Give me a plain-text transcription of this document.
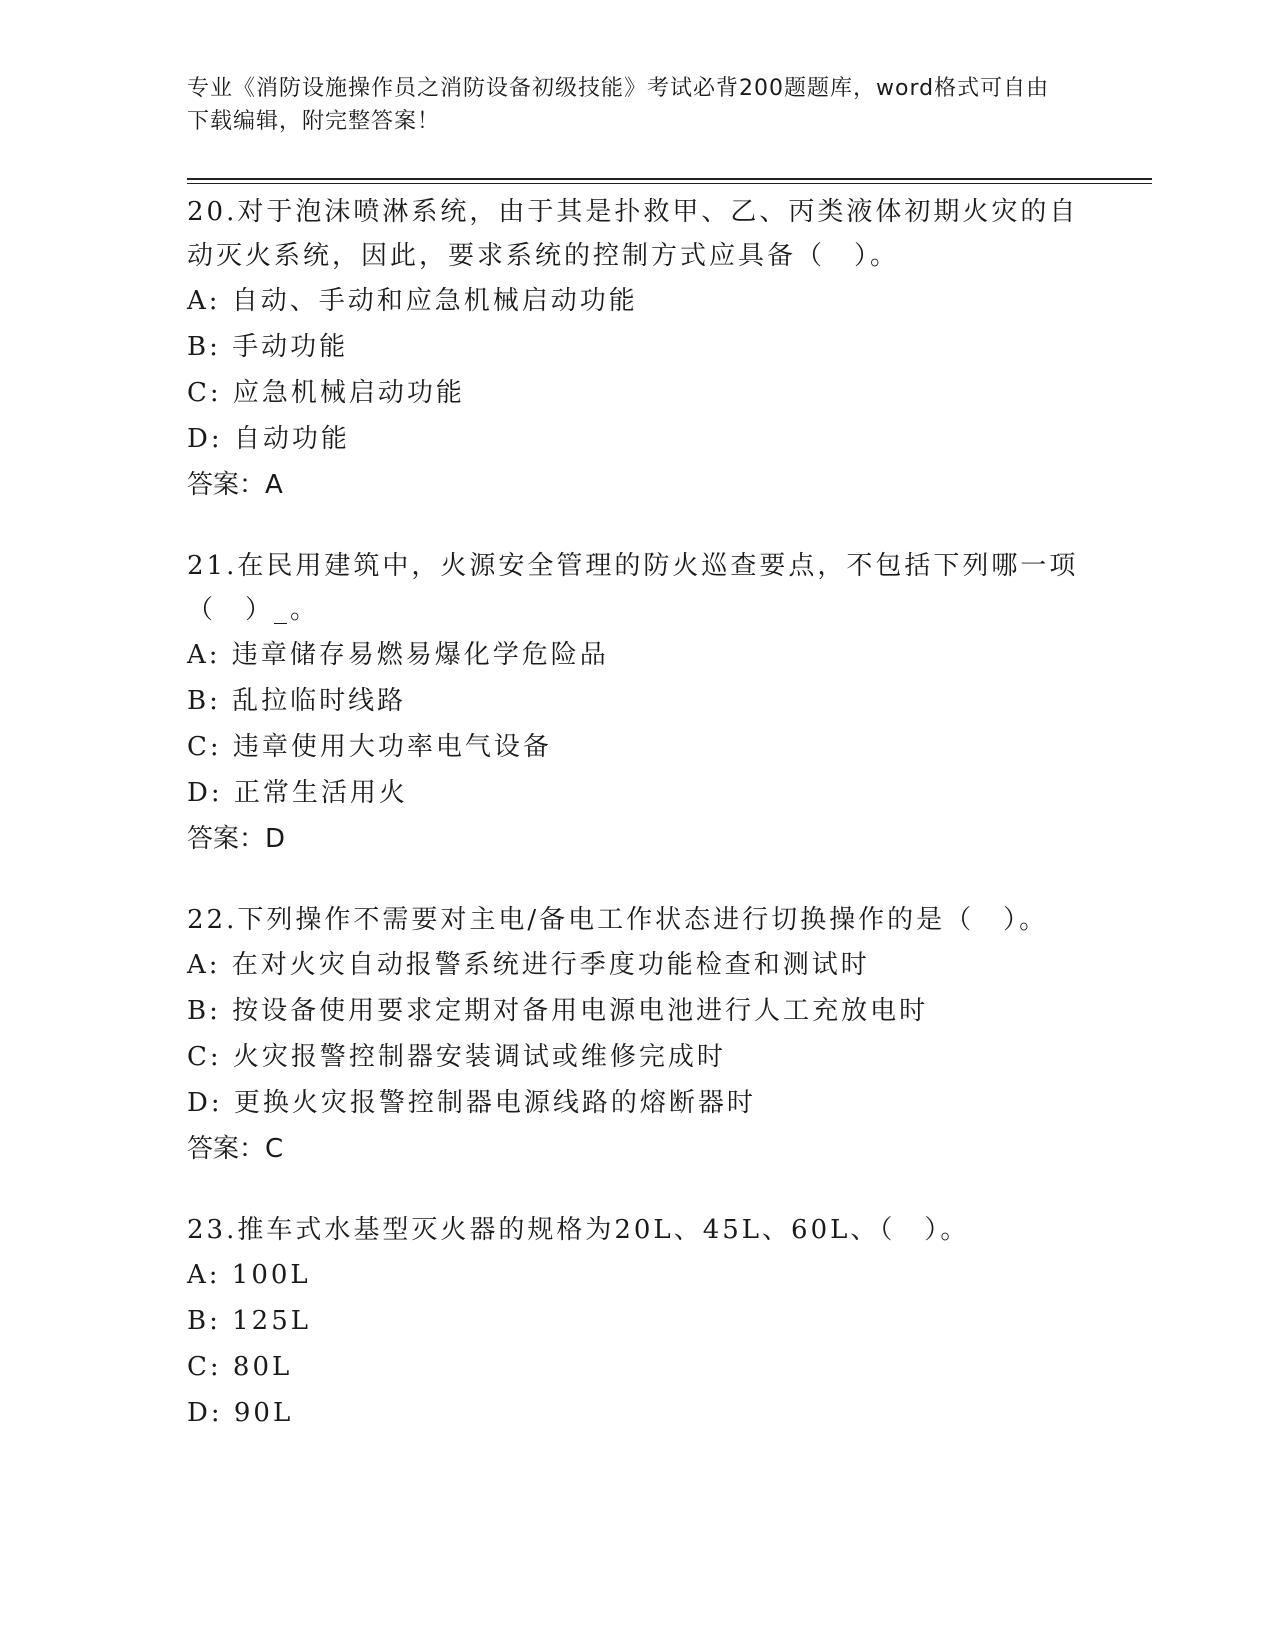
专业《消防设施操作员之消防设备初级技能》考试必背200题题库，word格式可自由下载编辑，附完整答案！

20.对于泡沫喷淋系统，由于其是扑救甲、乙、丙类液体初期火灾的自动灭火系统，因此，要求系统的控制方式应具备（　）。

A: 自动、手动和应急机械启动功能

B: 手动功能

C: 应急机械启动功能

D: 自动功能

答案：A

21.在民用建筑中，火源安全管理的防火巡查要点，不包括下列哪一项（　）_。

A: 违章储存易燃易爆化学危险品

B: 乱拉临时线路

C: 违章使用大功率电气设备

D: 正常生活用火

答案：D

22.下列操作不需要对主电/备电工作状态进行切换操作的是（　）。

A: 在对火灾自动报警系统进行季度功能检查和测试时

B: 按设备使用要求定期对备用电源电池进行人工充放电时

C: 火灾报警控制器安装调试或维修完成时

D: 更换火灾报警控制器电源线路的熔断器时

答案：C

23.推车式水基型灭火器的规格为20L、45L、60L、（　）。

A: 100L

B: 125L

C: 80L

D: 90L
